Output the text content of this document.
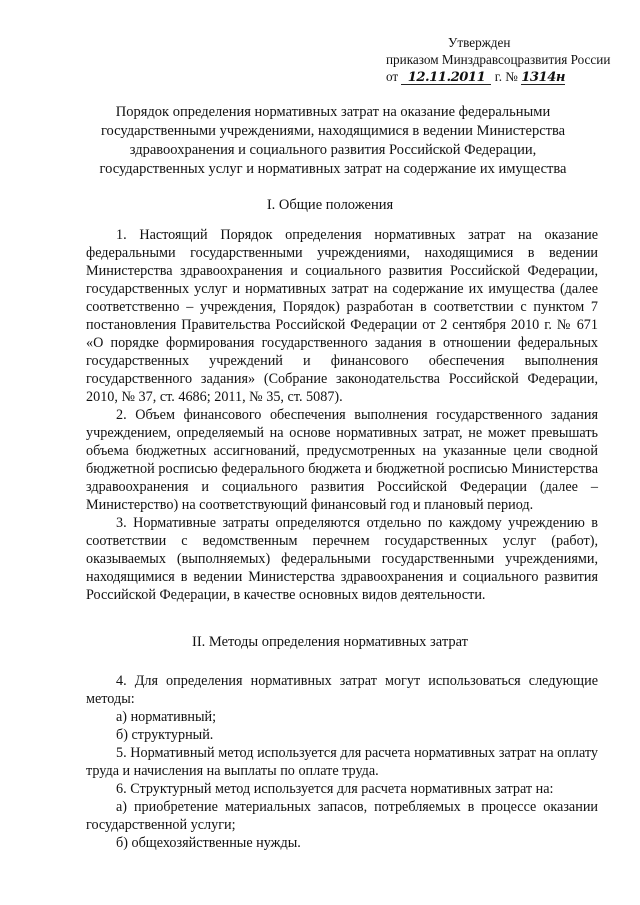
Утвержден
приказом Минздравсоцразвития России
от 12.11.2011 г. № 1314н
Порядок определения нормативных затрат на оказание федеральными государственными учреждениями, находящимися в ведении Министерства здравоохранения и социального развития Российской Федерации, государственных услуг и нормативных затрат на содержание их имущества
I. Общие положения

1. Настоящий Порядок определения нормативных затрат на оказание федеральными государственными учреждениями, находящимися в ведении Министерства здравоохранения и социального развития Российской Федерации, государственных услуг и нормативных затрат на содержание их имущества (далее соответственно – учреждения, Порядок) разработан в соответствии с пунктом 7 постановления Правительства Российской Федерации от 2 сентября 2010 г. № 671 «О порядке формирования государственного задания в отношении федеральных государственных учреждений и финансового обеспечения выполнения государственного задания» (Собрание законодательства Российской Федерации, 2010, № 37, ст. 4686; 2011, № 35, ст. 5087).

2. Объем финансового обеспечения выполнения государственного задания учреждением, определяемый на основе нормативных затрат, не может превышать объема бюджетных ассигнований, предусмотренных на указанные цели сводной бюджетной росписью федерального бюджета и бюджетной росписью Министерства здравоохранения и социального развития Российской Федерации (далее – Министерство) на соответствующий финансовый год и плановый период.

3. Нормативные затраты определяются отдельно по каждому учреждению в соответствии с ведомственным перечнем государственных услуг (работ), оказываемых (выполняемых) федеральными государственными учреждениями, находящимися в ведении Министерства здравоохранения и социального развития Российской Федерации, в качестве основных видов деятельности.

II. Методы определения нормативных затрат

4. Для определения нормативных затрат могут использоваться следующие методы:

а) нормативный;

б) структурный.

5. Нормативный метод используется для расчета нормативных затрат на оплату труда и начисления на выплаты по оплате труда.

6. Структурный метод используется для расчета нормативных затрат на:

а) приобретение материальных запасов, потребляемых в процессе оказании государственной услуги;

б) общехозяйственные нужды.
